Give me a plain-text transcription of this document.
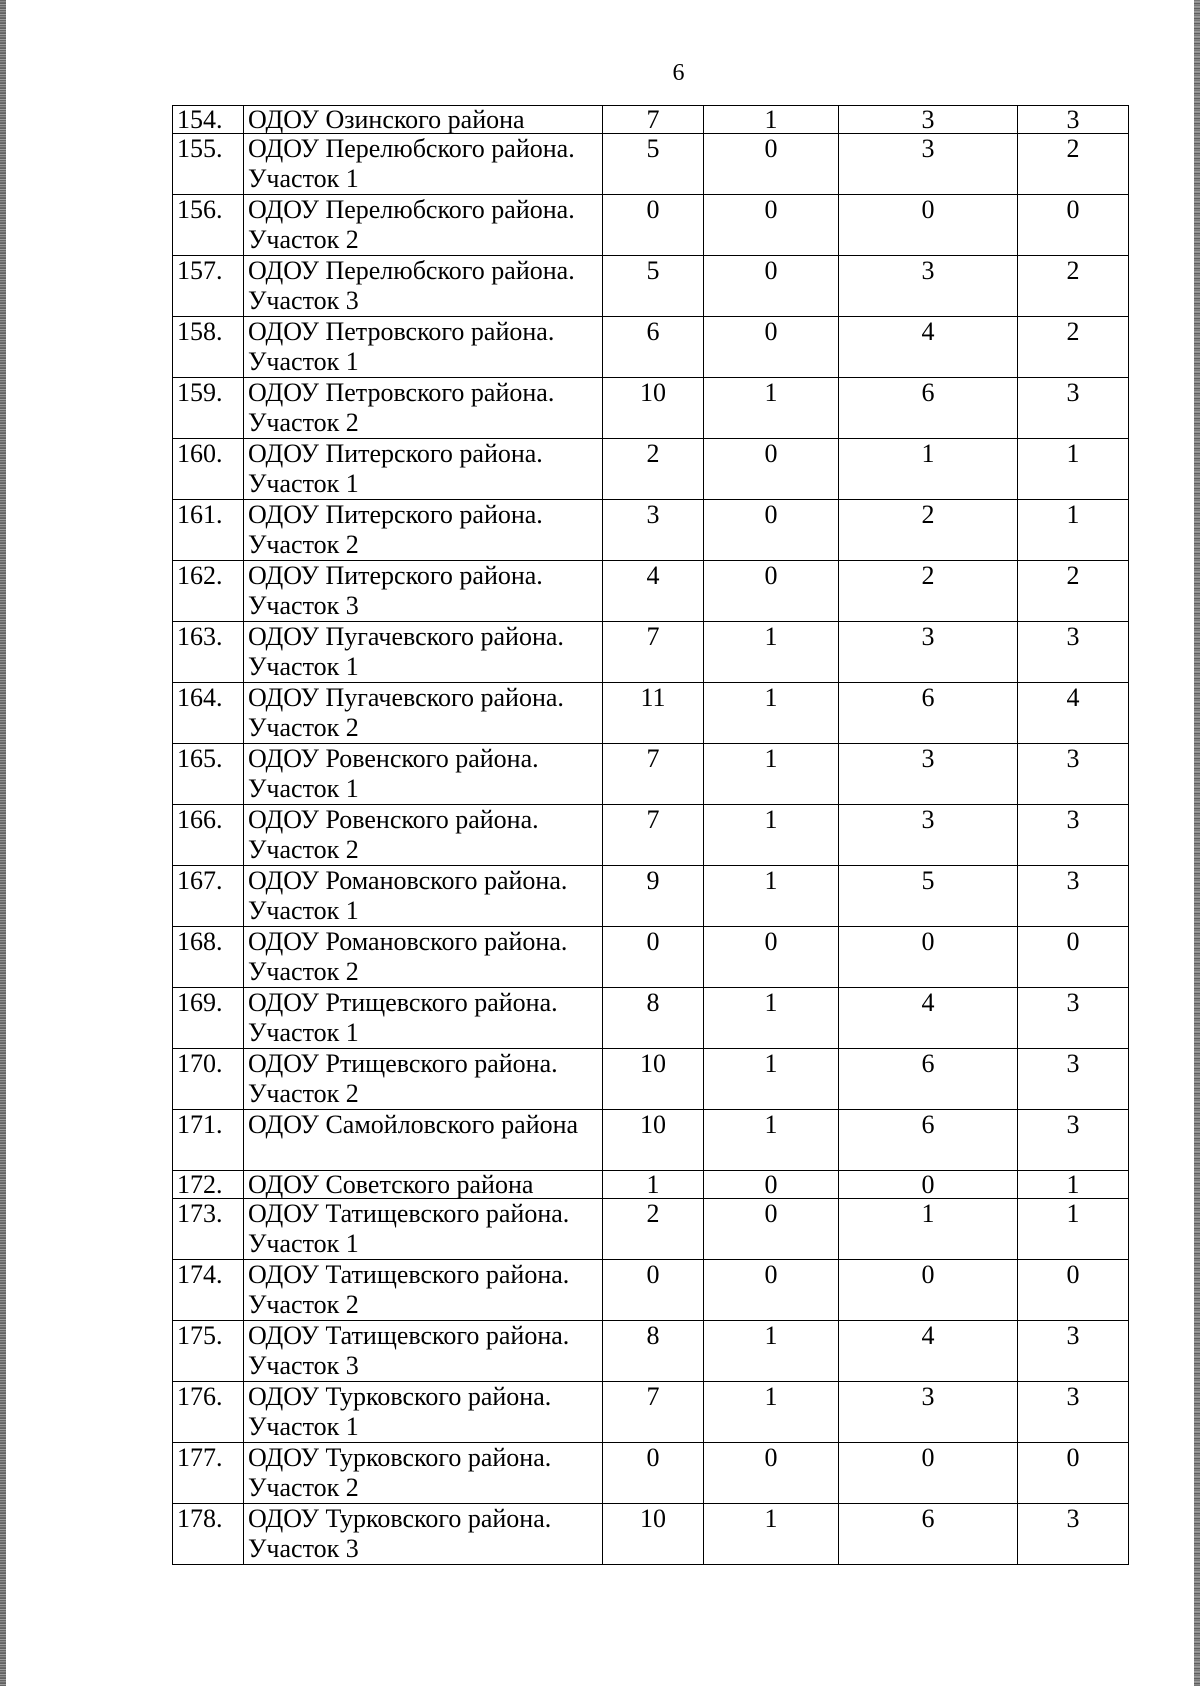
6
154.	ОДОУ Озинского района	7	1	3	3
155.	ОДОУ Перелюбского района. Участок 1	5	0	3	2
156.	ОДОУ Перелюбского района. Участок 2	0	0	0	0
157.	ОДОУ Перелюбского района. Участок 3	5	0	3	2
158.	ОДОУ Петровского района. Участок 1	6	0	4	2
159.	ОДОУ Петровского района. Участок 2	10	1	6	3
160.	ОДОУ Питерского района. Участок 1	2	0	1	1
161.	ОДОУ Питерского района. Участок 2	3	0	2	1
162.	ОДОУ Питерского района. Участок 3	4	0	2	2
163.	ОДОУ Пугачевского района. Участок 1	7	1	3	3
164.	ОДОУ Пугачевского района. Участок 2	11	1	6	4
165.	ОДОУ Ровенского района. Участок 1	7	1	3	3
166.	ОДОУ Ровенского района. Участок 2	7	1	3	3
167.	ОДОУ Романовского района. Участок 1	9	1	5	3
168.	ОДОУ Романовского района. Участок 2	0	0	0	0
169.	ОДОУ Ртищевского района. Участок 1	8	1	4	3
170.	ОДОУ Ртищевского района. Участок 2	10	1	6	3
171.	ОДОУ Самойловского района	10	1	6	3
172.	ОДОУ Советского района	1	0	0	1
173.	ОДОУ Татищевского района. Участок 1	2	0	1	1
174.	ОДОУ Татищевского района. Участок 2	0	0	0	0
175.	ОДОУ Татищевского района. Участок 3	8	1	4	3
176.	ОДОУ Турковского района. Участок 1	7	1	3	3
177.	ОДОУ Турковского района. Участок 2	0	0	0	0
178.	ОДОУ Турковского района. Участок 3	10	1	6	3
